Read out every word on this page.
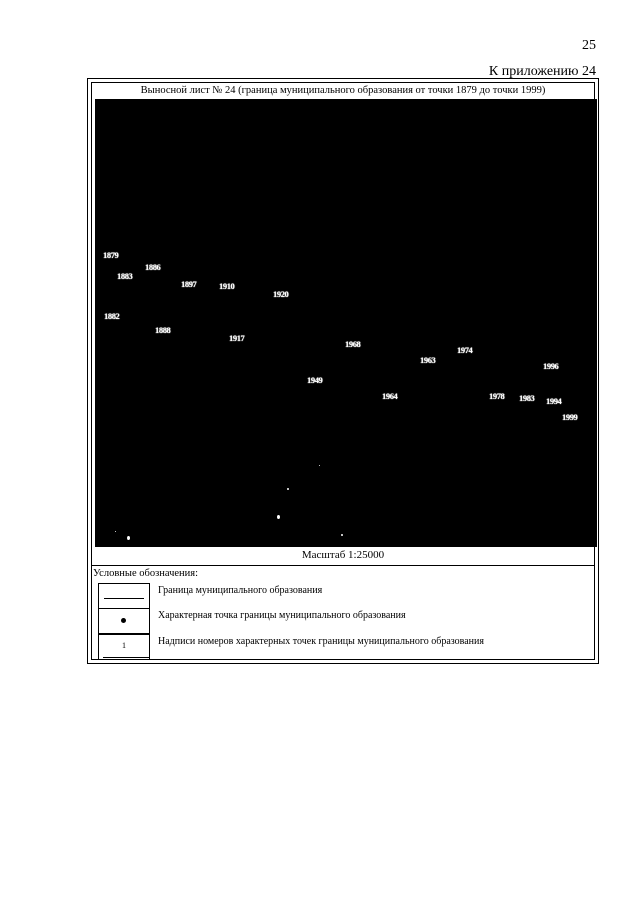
25
К приложению 24
Выносной лист № 24 (граница муниципального образования от точки 1879 до точки 1999)
1879
1883
1886
1897	1910
1920
1882
1888
1917
1968
1963
1974
1996
1949
1964	1978 1983 1994
1999
Масштаб 1:25000
Условные обозначения:
Граница муниципального образования
Характерная точка границы муниципального образования
1	Надписи номеров характерных точек границы муниципального образования
